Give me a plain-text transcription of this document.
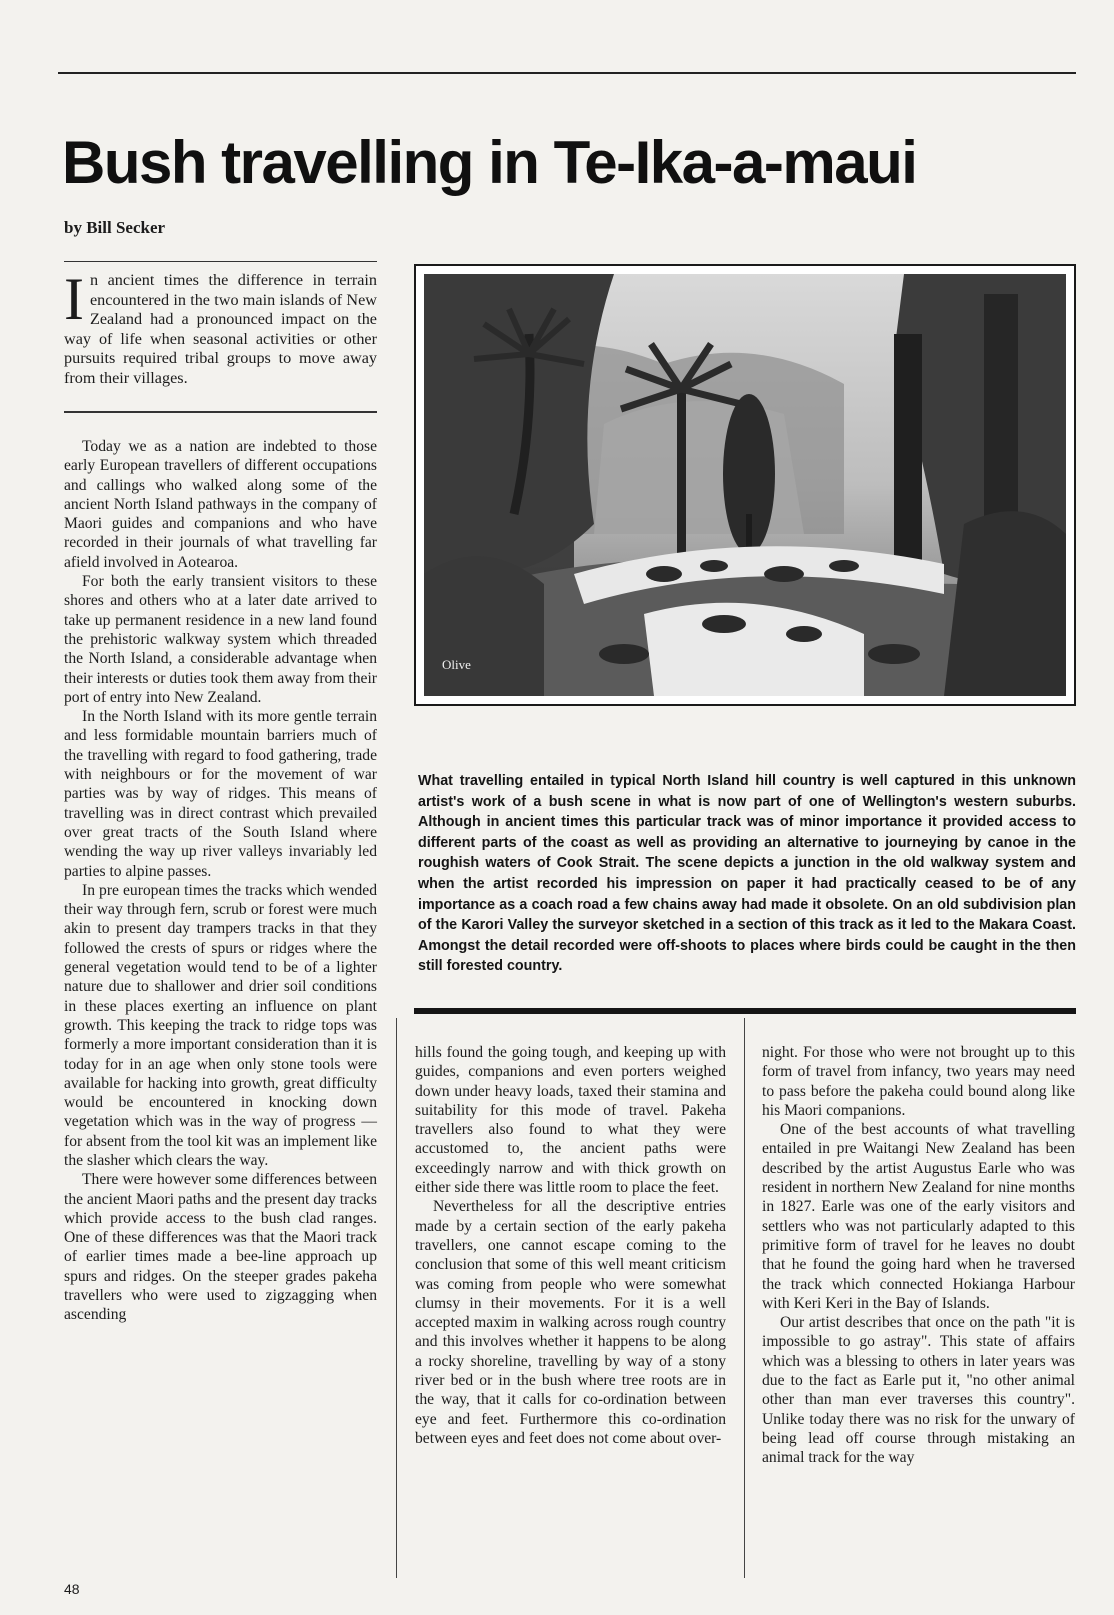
Bush travelling in Te-Ika-a-maui

by Bill Secker

In ancient times the difference in terrain encountered in the two main islands of New Zealand had a pronounced impact on the way of life when seasonal activities or other pursuits required tribal groups to move away from their villages.

Today we as a nation are indebted to those early European travellers of different occupations and callings who walked along some of the ancient North Island pathways in the company of Maori guides and companions and who have recorded in their journals of what travelling far afield involved in Aotearoa.

For both the early transient visitors to these shores and others who at a later date arrived to take up permanent residence in a new land found the prehistoric walkway system which threaded the North Island, a considerable advantage when their interests or duties took them away from their port of entry into New Zealand.

In the North Island with its more gentle terrain and less formidable mountain barriers much of the travelling with regard to food gathering, trade with neighbours or for the movement of war parties was by way of ridges. This means of travelling was in direct contrast which prevailed over great tracts of the South Island where wending the way up river valleys invariably led parties to alpine passes.

In pre european times the tracks which wended their way through fern, scrub or forest were much akin to present day trampers tracks in that they followed the crests of spurs or ridges where the general vegetation would tend to be of a lighter nature due to shallower and drier soil conditions in these places exerting an influence on plant growth. This keeping the track to ridge tops was formerly a more important consideration than it is today for in an age when only stone tools were available for hacking into growth, great difficulty would be encountered in knocking down vegetation which was in the way of progress — for absent from the tool kit was an implement like the slasher which clears the way.

There were however some differences between the ancient Maori paths and the present day tracks which provide access to the bush clad ranges. One of these differences was that the Maori track of earlier times made a bee-line approach up spurs and ridges. On the steeper grades pakeha travellers who were used to zigzagging when ascending

Olive

What travelling entailed in typical North Island hill country is well captured in this unknown artist's work of a bush scene in what is now part of one of Wellington's western suburbs. Although in ancient times this particular track was of minor importance it provided access to different parts of the coast as well as providing an alternative to journeying by canoe in the roughish waters of Cook Strait. The scene depicts a junction in the old walkway system and when the artist recorded his impression on paper it had practically ceased to be of any importance as a coach road a few chains away had made it obsolete. On an old subdivision plan of the Karori Valley the surveyor sketched in a section of this track as it led to the Makara Coast. Amongst the detail recorded were off-shoots to places where birds could be caught in the then still forested country.

hills found the going tough, and keeping up with guides, companions and even porters weighed down under heavy loads, taxed their stamina and suitability for this mode of travel. Pakeha travellers also found to what they were accustomed to, the ancient paths were exceedingly narrow and with thick growth on either side there was little room to place the feet.

Nevertheless for all the descriptive entries made by a certain section of the early pakeha travellers, one cannot escape coming to the conclusion that some of this well meant criticism was coming from people who were somewhat clumsy in their movements. For it is a well accepted maxim in walking across rough country and this involves whether it happens to be along a rocky shoreline, travelling by way of a stony river bed or in the bush where tree roots are in the way, that it calls for co-ordination between eye and feet. Furthermore this co-ordination between eyes and feet does not come about over-

night. For those who were not brought up to this form of travel from infancy, two years may need to pass before the pakeha could bound along like his Maori companions.

One of the best accounts of what travelling entailed in pre Waitangi New Zealand has been described by the artist Augustus Earle who was resident in northern New Zealand for nine months in 1827. Earle was one of the early visitors and settlers who was not particularly adapted to this primitive form of travel for he leaves no doubt that he found the going hard when he traversed the track which connected Hokianga Harbour with Keri Keri in the Bay of Islands.

Our artist describes that once on the path "it is impossible to go astray". This state of affairs which was a blessing to others in later years was due to the fact as Earle put it, "no other animal other than man ever traverses this country". Unlike today there was no risk for the unwary of being lead off course through mistaking an animal track for the way

48
